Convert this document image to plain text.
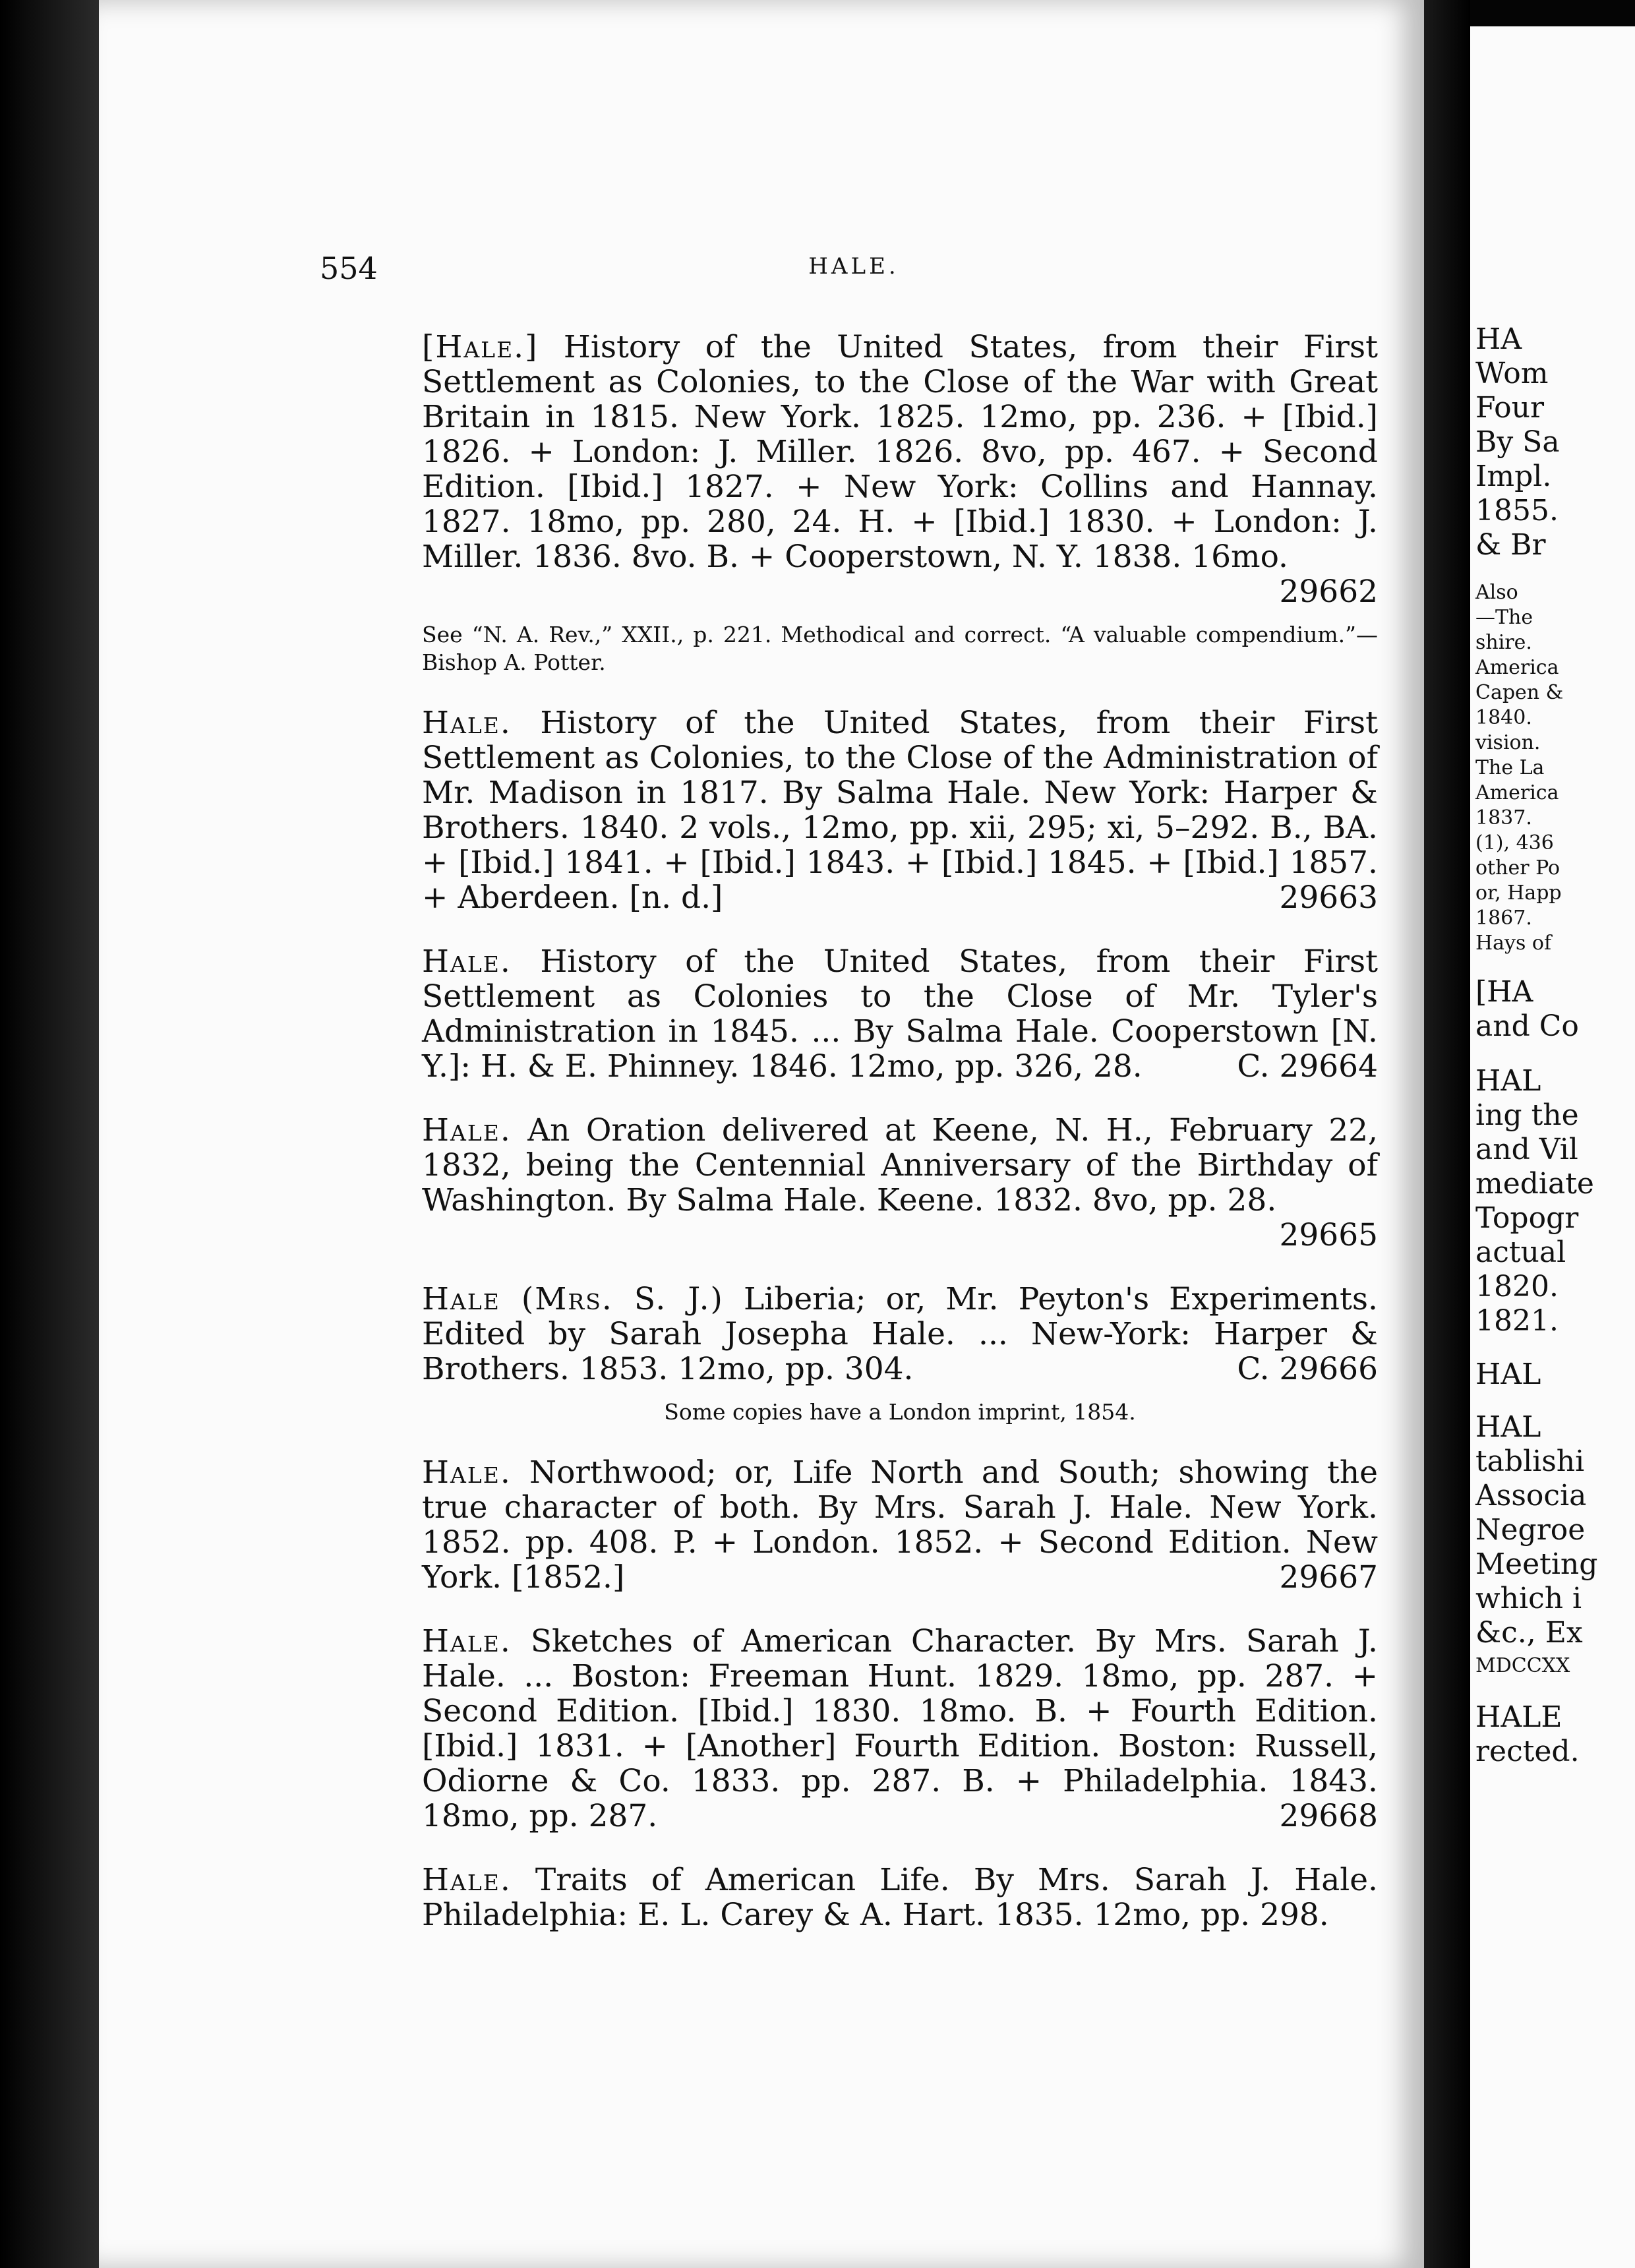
554	HALE.
[Hale.] History of the United States, from their First Settlement as Colonies, to the Close of the War with Great Britain in 1815. New York. 1825. 12mo, pp. 236. + [Ibid.] 1826. + London: J. Miller. 1826. 8vo, pp. 467. + Second Edition. [Ibid.] 1827. + New York: Collins and Hannay. 1827. 18mo, pp. 280, 24. H. + [Ibid.] 1830. + London: J. Miller. 1836. 8vo. B. + Cooperstown, N. Y. 1838. 16mo.
29662
See “N. A. Rev.,” XXII., p. 221. Methodical and correct. “A valuable compendium.”—Bishop A. Potter.
Hale. History of the United States, from their First Settlement as Colonies, to the Close of the Administration of Mr. Madison in 1817. By Salma Hale. New York: Harper & Brothers. 1840. 2 vols., 12mo, pp. xii, 295; xi, 5–292. B., BA. + [Ibid.] 1841. + [Ibid.] 1843. + [Ibid.] 1845. + [Ibid.] 1857. + Aberdeen. [n. d.]	29663
Hale. History of the United States, from their First Settlement as Colonies to the Close of Mr. Tyler's Administration in 1845. ... By Salma Hale. Cooperstown [N. Y.]: H. & E. Phinney. 1846. 12mo, pp. 326, 28.	C. 29664
Hale. An Oration delivered at Keene, N. H., February 22, 1832, being the Centennial Anniversary of the Birthday of Washington. By Salma Hale. Keene. 1832. 8vo, pp. 28.
29665
Hale (Mrs. S. J.) Liberia; or, Mr. Peyton's Experiments. Edited by Sarah Josepha Hale. ... New-York: Harper & Brothers. 1853. 12mo, pp. 304.	C. 29666
Some copies have a London imprint, 1854.
Hale. Northwood; or, Life North and South; showing the true character of both. By Mrs. Sarah J. Hale. New York. 1852. pp. 408. P. + London. 1852. + Second Edition. New York. [1852.]	29667
Hale. Sketches of American Character. By Mrs. Sarah J. Hale. ... Boston: Freeman Hunt. 1829. 18mo, pp. 287. + Second Edition. [Ibid.] 1830. 18mo. B. + Fourth Edition. [Ibid.] 1831. + [Another] Fourth Edition. Boston: Russell, Odiorne & Co. 1833. pp. 287. B. + Philadelphia. 1843. 18mo, pp. 287.	29668
Hale. Traits of American Life. By Mrs. Sarah J. Hale. Philadelphia: E. L. Carey & A. Hart. 1835. 12mo, pp. 298.
HA
Wom
Four
By Sa
Impl.
1855.
& Br
Also
—The
shire.
America
Capen &
1840.
vision.
The La
America
1837.
(1), 436
other Po
or, Happ
1867.
Hays of
[HA
and Co
HAL
ing the
and Vil
mediate
Topogr
actual
1820.
1821.
HAL
HAL
tablishi
Associa
Negroe
Meeting
which i
&c., Ex
MDCCXX
HALE
rected.
